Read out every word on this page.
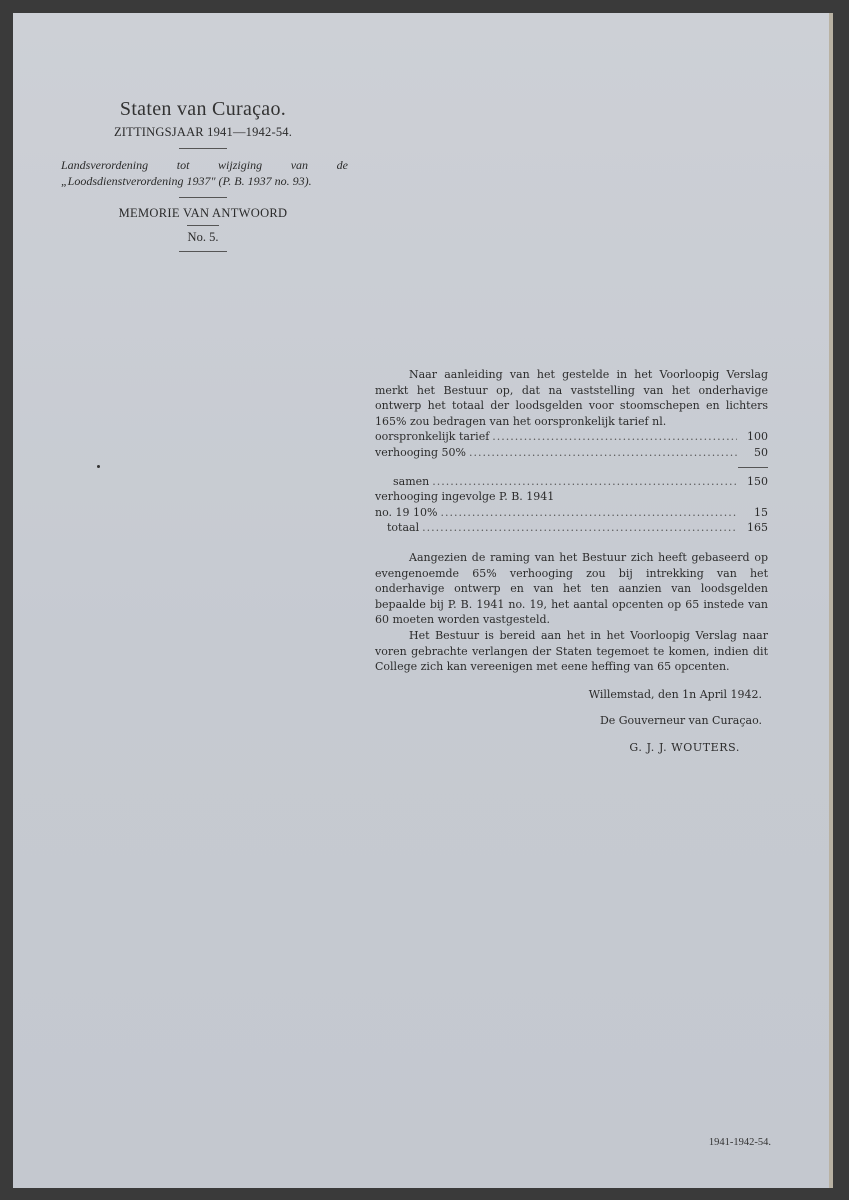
Staten van Curaçao.
ZITTINGSJAAR 1941—1942-54.
Landsverordening tot wijziging van de „Loodsdienstverordening 1937" (P. B. 1937 no. 93).
MEMORIE VAN ANTWOORD
No. 5.

Naar aanleiding van het gestelde in het Voorloopig Verslag merkt het Bestuur op, dat na vaststelling van het onderhavige ontwerp het totaal der loodsgelden voor stoomschepen en lichters 165% zou bedragen van het oorspronkelijk tarief nl.

oorspronkelijk tarief .....	100
verhooging 50% .....	50
samen .....	150
verhooging ingevolge P. B. 1941
no. 19 10% .....	15
totaal .....	165

Aangezien de raming van het Bestuur zich heeft gebaseerd op evengenoemde 65% verhooging zou bij intrekking van het onderhavige ontwerp en van het ten aanzien van loodsgelden bepaalde bij P. B. 1941 no. 19, het aantal opcenten op 65 instede van 60 moeten worden vastgesteld.

Het Bestuur is bereid aan het in het Voorloopig Verslag naar voren gebrachte verlangen der Staten tegemoet te komen, indien dit College zich kan vereenigen met eene heffing van 65 opcenten.

Willemstad, den 1n April 1942.

De Gouverneur van Curaçao.

G. J. J. WOUTERS.

1941-1942-54.
